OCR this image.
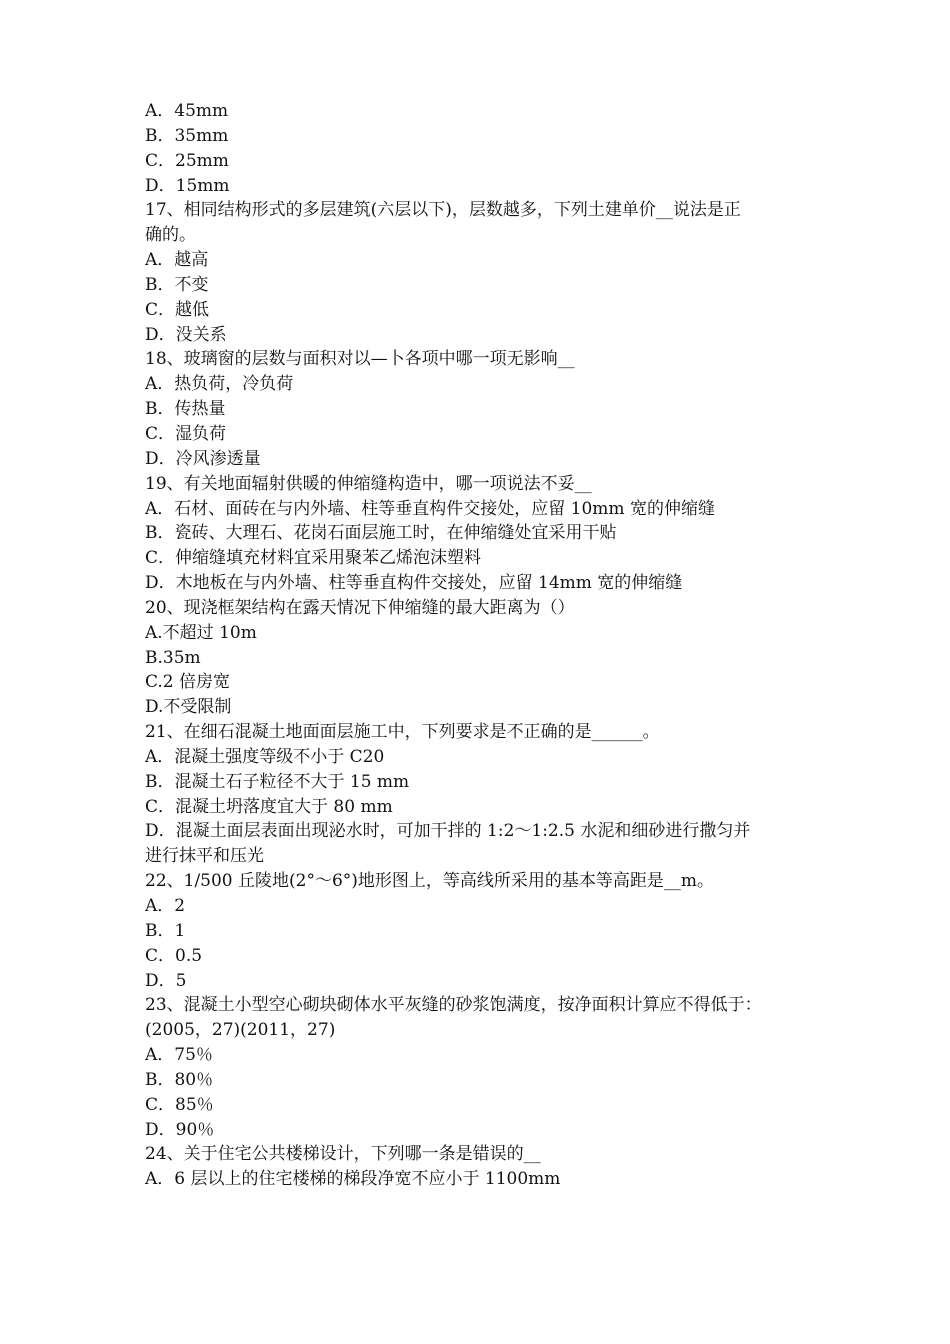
A．45mm
B．35mm
C．25mm
D．15mm
17、相同结构形式的多层建筑(六层以下)，层数越多，下列土建单价__说法是正
确的。
A．越高
B．不变
C．越低
D．没关系
18、玻璃窗的层数与面积对以—卜各项中哪一项无影响__
A．热负荷，冷负荷
B．传热量
C．湿负荷
D．冷风渗透量
19、有关地面辐射供暖的伸缩缝构造中，哪一项说法不妥__
A．石材、面砖在与内外墙、柱等垂直构件交接处，应留 10mm 宽的伸缩缝
B．瓷砖、大理石、花岗石面层施工时，在伸缩缝处宜采用干贴
C．伸缩缝填充材料宜采用聚苯乙烯泡沫塑料
D．木地板在与内外墙、柱等垂直构件交接处，应留 14mm 宽的伸缩缝
20、现浇框架结构在露天情况下伸缩缝的最大距离为（）
A.不超过 10m
B.35m
C.2 倍房宽
D.不受限制
21、在细石混凝土地面面层施工中，下列要求是不正确的是______。
A．混凝土强度等级不小于 C20
B．混凝土石子粒径不大于 15 mm
C．混凝土坍落度宜大于 80 mm
D．混凝土面层表面出现泌水时，可加干拌的 1:2～1:2.5 水泥和细砂进行撒匀并
进行抹平和压光
22、1/500 丘陵地(2°～6°)地形图上，等高线所采用的基本等高距是__m。
A．2
B．1
C．0.5
D．5
23、混凝土小型空心砌块砌体水平灰缝的砂浆饱满度，按净面积计算应不得低于：
(2005，27)(2011，27)
A．75％
B．80％
C．85％
D．90％
24、关于住宅公共楼梯设计，下列哪一条是错误的__
A．6 层以上的住宅楼梯的梯段净宽不应小于 1100mm
